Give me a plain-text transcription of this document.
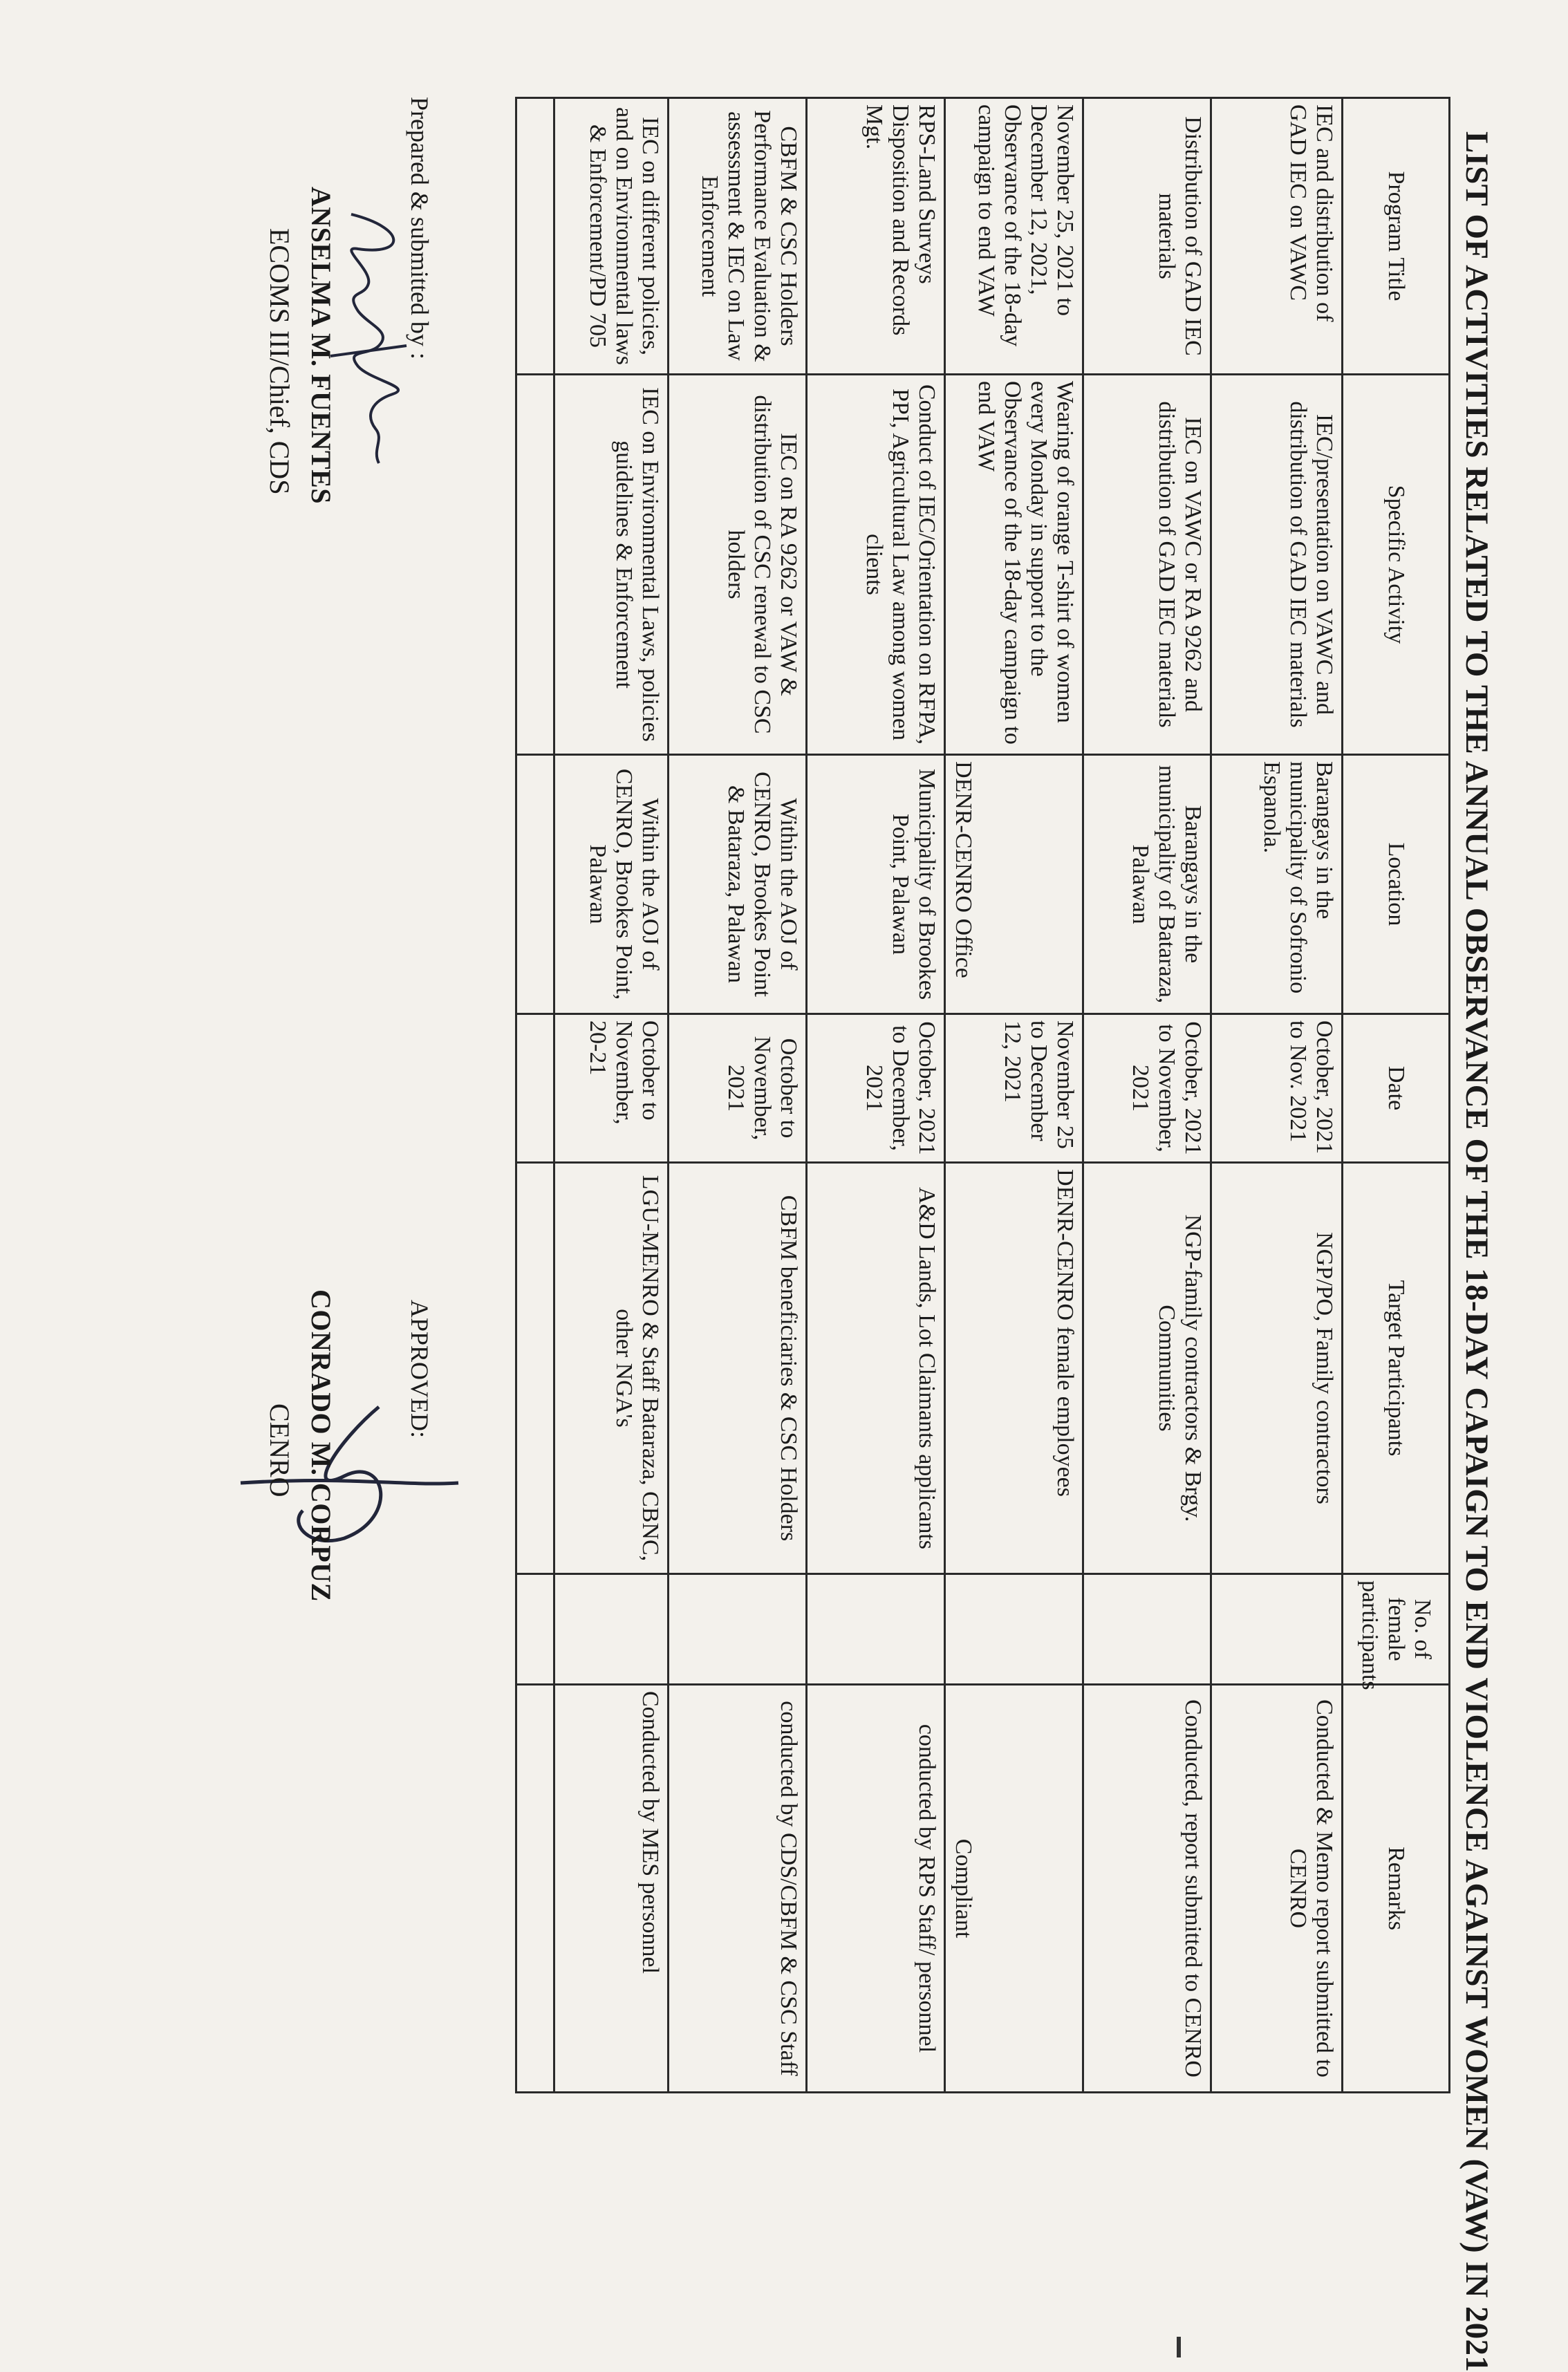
LIST OF ACTIVITIES RELATED TO THE ANNUAL OBSERVANCE OF THE 18-DAY CAPAIGN TO END VIOLENCE AGAINST WOMEN (VAW) IN 2021
Program Title	Specific Activity	Location	Date	Target Participants	No. of female participants	Remarks
IEC and distribution of GAD IEC on VAWC	IEC/presentation on VAWC and distribution of GAD IEC materials	Barangays in the municipality of Sofronio Espanola.	October, 2021 to Nov. 2021	NGP/PO, Family contractors		Conducted & Memo report submitted to CENRO
Distribution of GAD IEC materials	IEC on VAWC or RA 9262 and distribution of GAD IEC materials	Barangays in the municipality of Bataraza, Palawan	October, 2021 to November, 2021	NGP-family contractors & Brgy. Communities		Conducted, report submitted to CENRO
November 25, 2021 to December 12, 2021, Observance of the 18-day campaign to end VAW	Wearing of orange T-shirt of women every Monday in support to the Observance of the 18-day campaign to end VAW	DENR-CENRO Office	November 25 to December 12, 2021	DENR-CENRO female employees		Compliant
RPS-Land Surveys Disposition and Records Mgt.	Conduct of IEC/Orientation on RFPA, PPI, Agricultural Law among women clients	Municipality of Brookes Point, Palawan	October, 2021 to December, 2021	A&D Lands, Lot Claimants applicants		conducted by RPS Staff/ personnel
CBFM & CSC Holders Performance Evaluation & assessment & IEC on Law Enforcement	IEC on RA 9262 or VAW & distribution of CSC renewal to CSC holders	Within the AOJ of CENRO, Brookes Point & Bataraza, Palawan	October to November, 2021	CBFM beneficiaries & CSC Holders		conducted by CDS/CBFM & CSC Staff
IEC on different policies, and on Environmental laws & Enforcement/PD 705	IEC on Environmental Laws, policies guidelines & Enforcement	Within the AOJ of CENRO, Brookes Point, Palawan	October to November, 20-21	LGU-MENRO & Staff Bataraza, CBNC, other NGA's		Conducted by MES personnel

Prepared & submitted by :
ANSELMA M. FUENTES
ECOMS III/Chief, CDS
APPROVED:
CONRADO M. CORPUZ
CENRO
